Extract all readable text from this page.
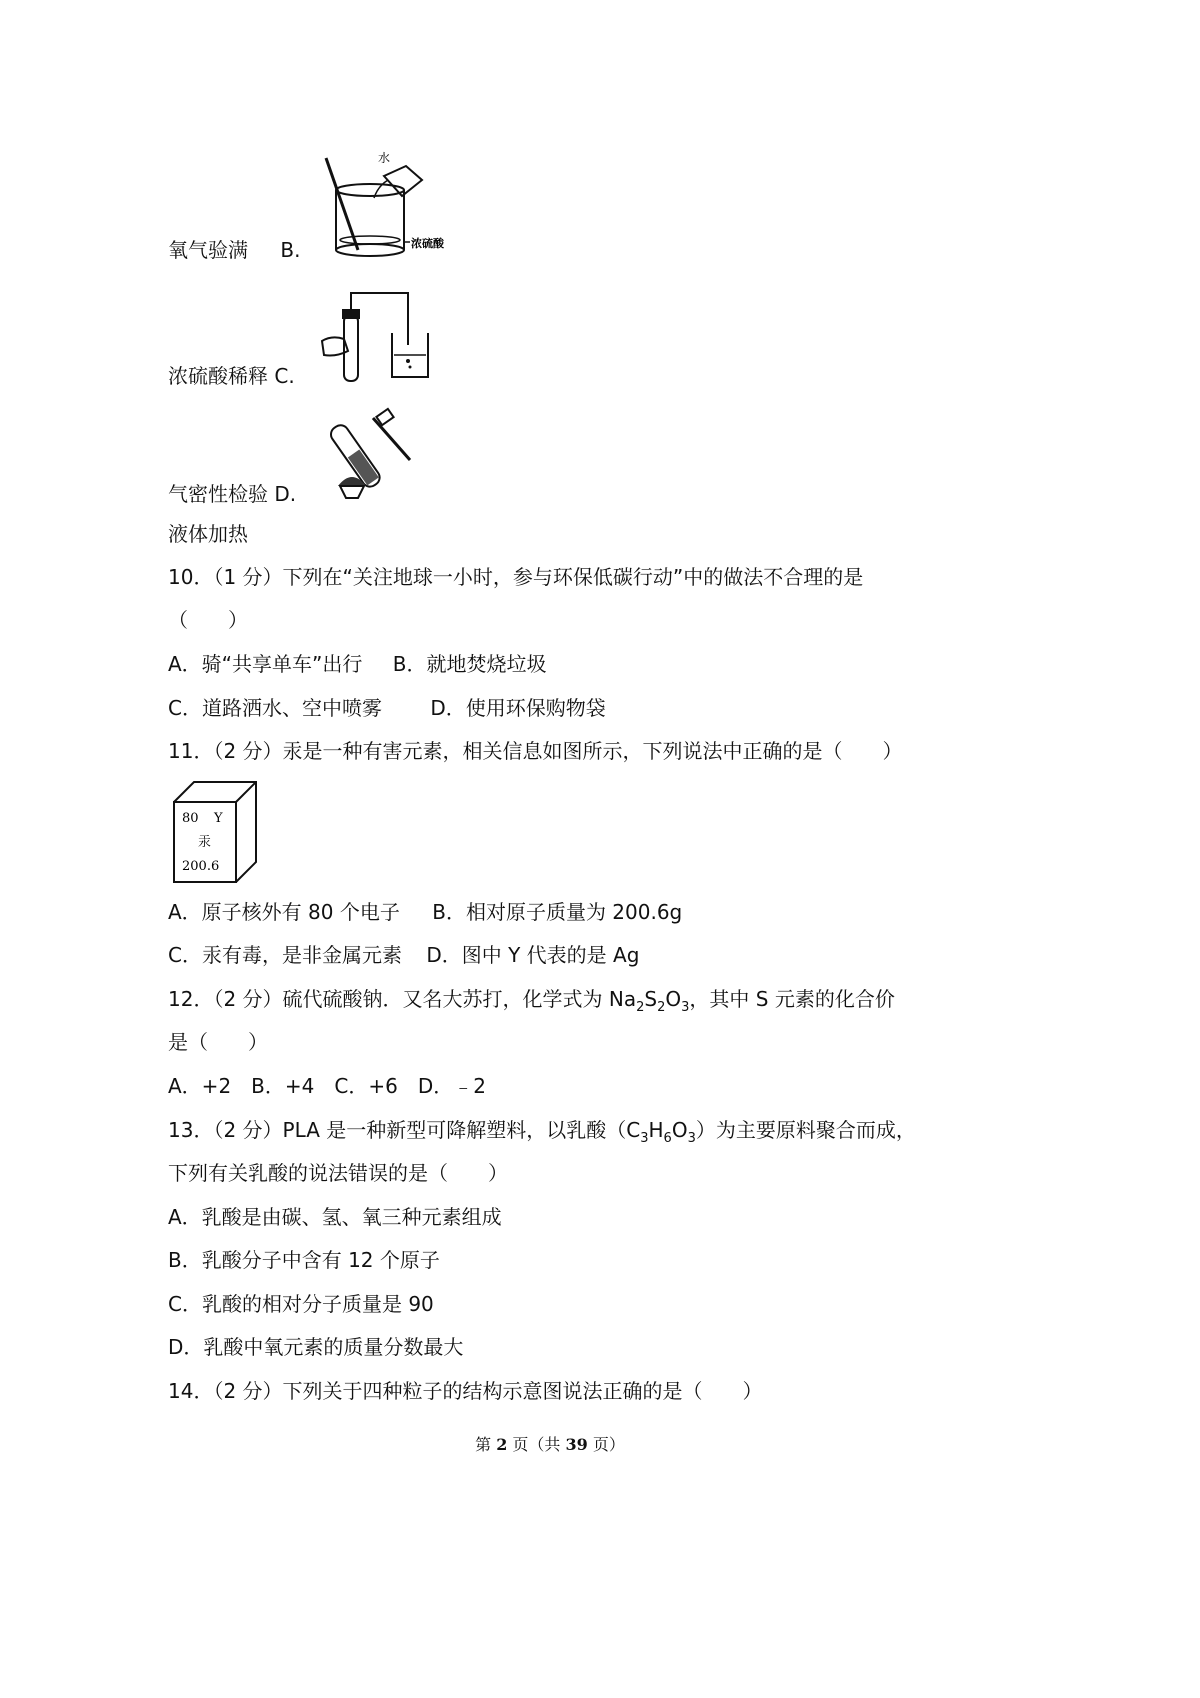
氧气验满 B.
水
浓硫酸
浓硫酸稀释 C.
气密性检验 D.
液体加热
10．（1 分）下列在“关注地球一小时，参与环保低碳行动”中的做法不合理的是
（　　）
A．骑“共享单车”出行 B．就地焚烧垃圾
C．道路洒水、空中喷雾 D．使用环保购物袋
11．（2 分）汞是一种有害元素，相关信息如图所示，下列说法中正确的是（　　）
80 Y
汞
200.6
A．原子核外有 80 个电子 B．相对原子质量为 200.6g
C．汞有毒，是非金属元素 D．图中 Y 代表的是 Ag
12．（2 分）硫代硫酸钠．又名大苏打，化学式为 $Na_2S_2O_3$，其中 S 元素的化合价
是（　　）
A．+2　B．+4　C．+6　D．﹣2
13．（2 分）PLA 是一种新型可降解塑料，以乳酸$(C_3H_6O_3)$为主要原料聚合而成，
下列有关乳酸的说法错误的是（　　）
A．乳酸是由碳、氢、氧三种元素组成
B．乳酸分子中含有 12 个原子
C．乳酸的相对分子质量是 90
D．乳酸中氧元素的质量分数最大
14．（2 分）下列关于四种粒子的结构示意图说法正确的是（　　）
第 2 页（共 39 页）
